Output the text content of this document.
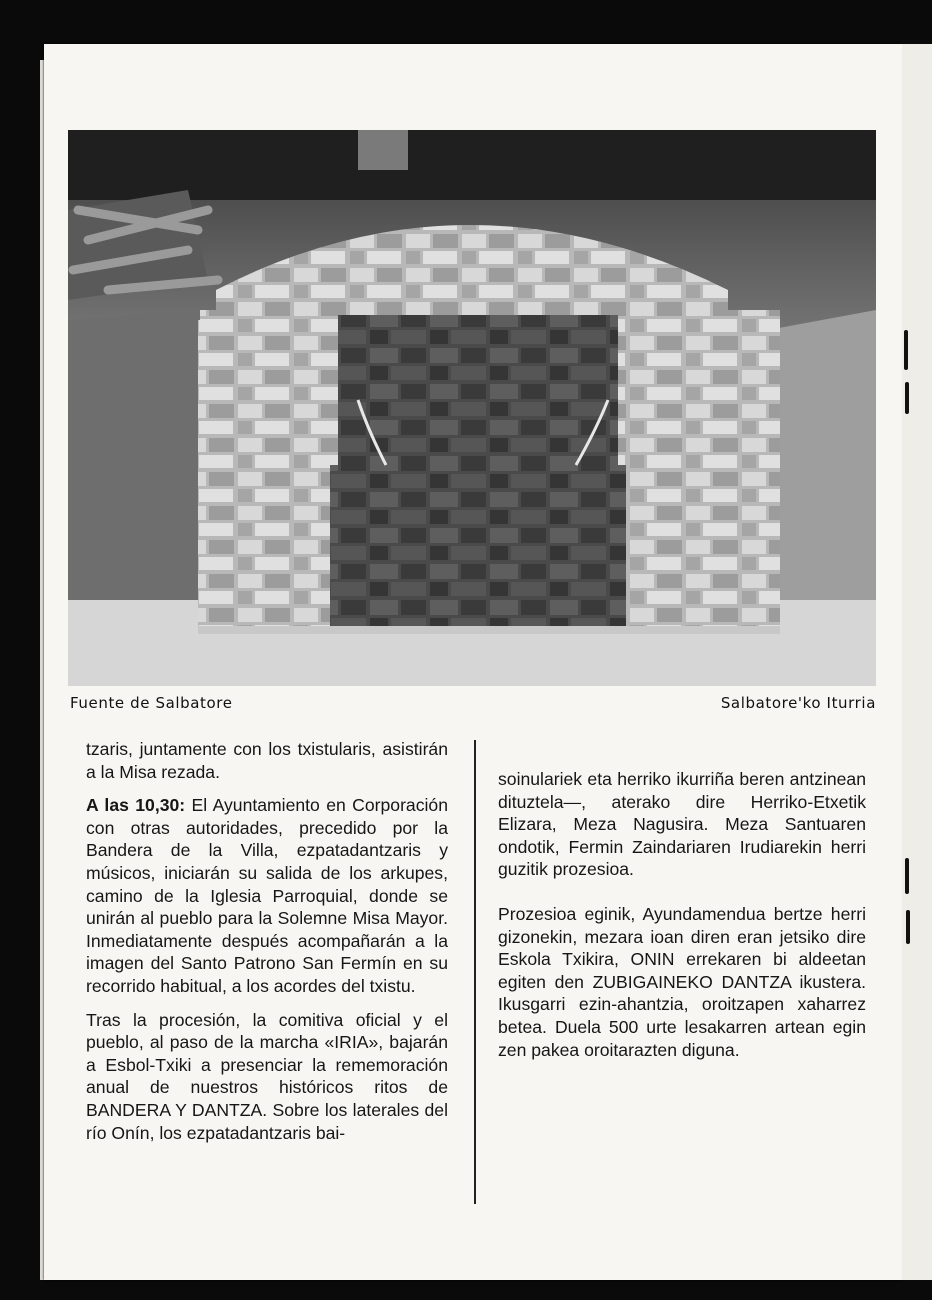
Fuente de Salbatore	Salbatore'ko Iturria

tzaris, juntamente con los txistularis, asistirán a la Misa rezada.

A las 10,30: El Ayuntamiento en Corporación con otras autoridades, precedido por la Bandera de la Villa, ezpatadantzaris y músicos, iniciarán su salida de los arkupes, camino de la Iglesia Parroquial, donde se unirán al pueblo para la Solemne Misa Mayor. Inmediatamente después acompañarán a la imagen del Santo Patrono San Fermín en su recorrido habitual, a los acordes del txistu.

Tras la procesión, la comitiva oficial y el pueblo, al paso de la marcha «IRIA», bajarán a Esbol-Txiki a presenciar la rememoración anual de nuestros históricos ritos de BANDERA Y DANTZA. Sobre los laterales del río Onín, los ezpatadantzaris bai-

soinulariek eta herriko ikurriña beren antzinean dituztela—, aterako dire Herriko-Etxetik Elizara, Meza Nagusira. Meza Santuaren ondotik, Fermin Zaindariaren Irudiarekin herri guzitik prozesioa.

Prozesioa eginik, Ayundamendua bertze herri gizonekin, mezara ioan diren eran jetsiko dire Eskola Txikira, ONIN errekaren bi aldeetan egiten den ZUBIGAINEKO DANTZA ikustera. Ikusgarri ezin-ahantzia, oroitzapen xaharrez betea. Duela 500 urte lesakarren artean egin zen pakea oroitarazten diguna.
